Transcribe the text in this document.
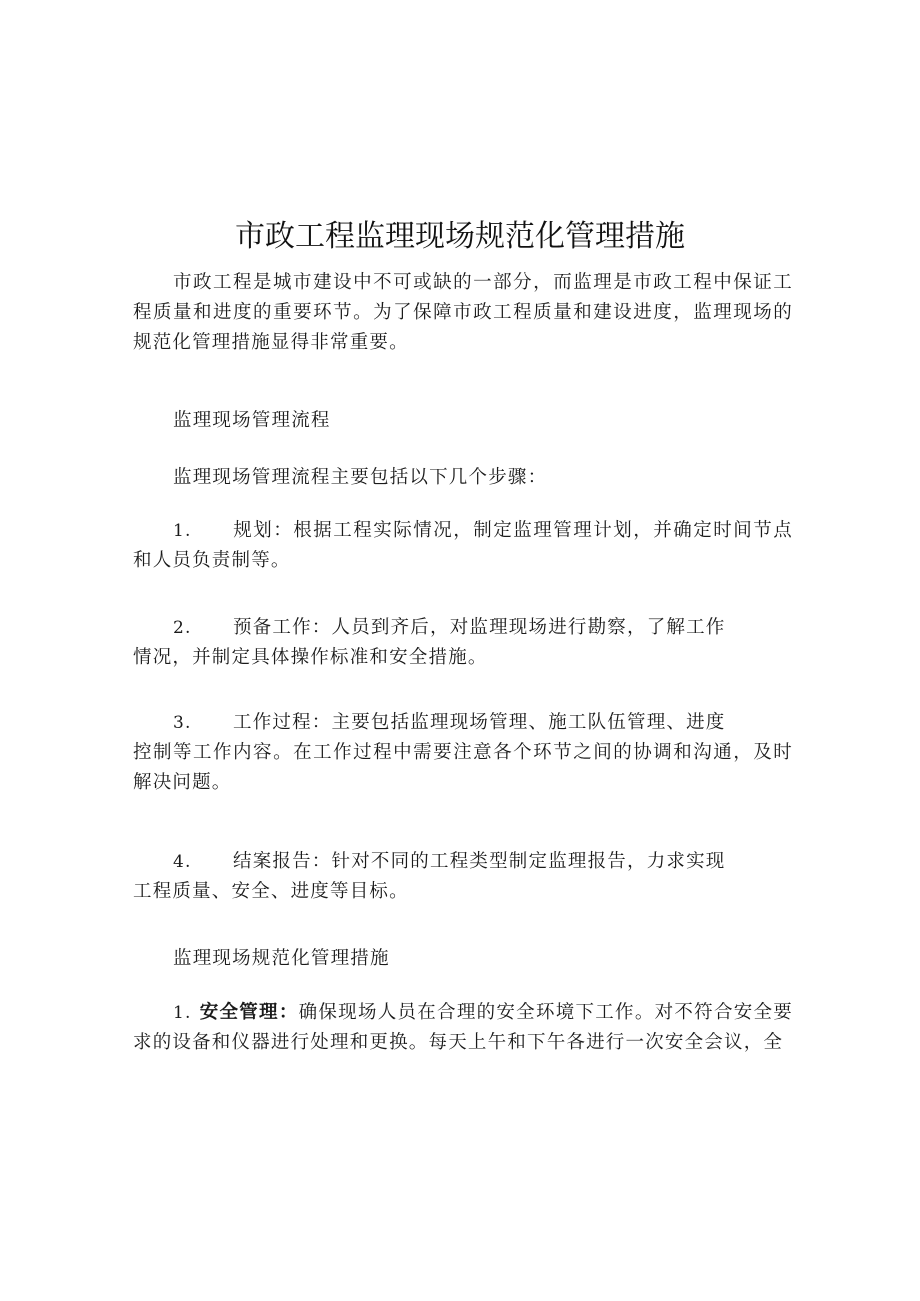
市政工程监理现场规范化管理措施

市政工程是城市建设中不可或缺的一部分，而监理是市政工程中保证工程质量和进度的重要环节。为了保障市政工程质量和建设进度，监理现场的规范化管理措施显得非常重要。

监理现场管理流程

监理现场管理流程主要包括以下几个步骤：

1. 规划：根据工程实际情况，制定监理管理计划，并确定时间节点和人员负责制等。

2. 预备工作：人员到齐后，对监理现场进行勘察，了解工作
情况，并制定具体操作标准和安全措施。

3. 工作过程：主要包括监理现场管理、施工队伍管理、进度
控制等工作内容。在工作过程中需要注意各个环节之间的协调和沟通，及时解决问题。

4. 结案报告：针对不同的工程类型制定监理报告，力求实现
工程质量、安全、进度等目标。

监理现场规范化管理措施

1. 安全管理：确保现场人员在合理的安全环境下工作。对不符合安全要求的设备和仪器进行处理和更换。每天上午和下午各进行一次安全会议，全
